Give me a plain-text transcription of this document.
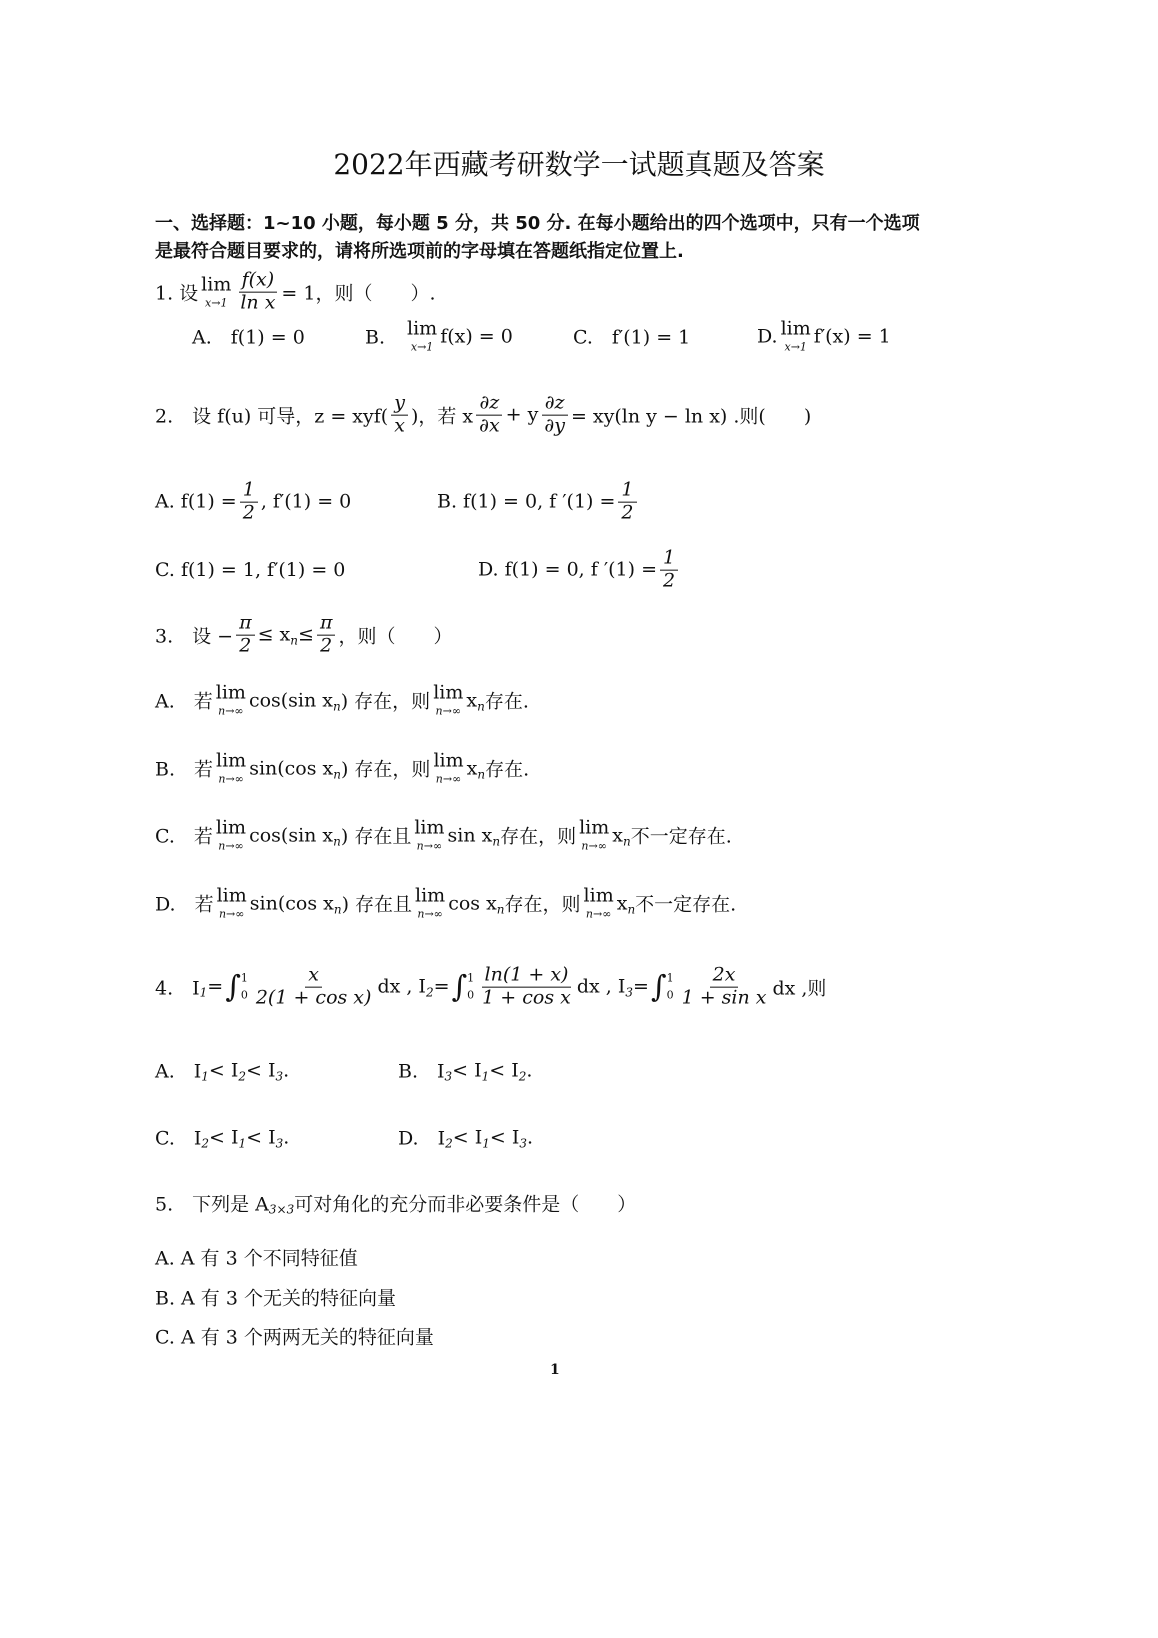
2022年西藏考研数学一试题真题及答案
一、选择题：1~10 小题，每小题 5 分，共 50 分. 在每小题给出的四个选项中，只有一个选项
是最符合题目要求的，请将所选项前的字母填在答题纸指定位置上.
1
1. 设 lim
$x\to 1 \frac{f(x)}{\text{ln x}} = 1$，则（　　）.
A.　f(1) = 0	B.　 lim
x→1 f(x) = 0	C.　f′(1) = 1	D. lim
x→1 f′(x) = 1
2.　设 f(u) 可导，$z = xyf( \frac{y}{x}$ )，若 x $\frac{\partial z}{\partial x} + y \frac{\partial z}{\partial y} = xy(\ln$ y − ln x) .则(　　)
A. $f(1) = \frac{1}{2}$ , f′(1) = 0	B. f(1) = 0, f $'(1) = \frac{1}{2}$
C. f(1) = 1, f′(1) = 0	D. f(1) = 0, f $'(1) = \frac{1}{2}$
3.　设 − $\frac{\pi}{2} \le x$ $n \le \frac{\pi}{2}$ ，则（　　）
A.　若 lim
n→∞ cos(sin x n ) 存在，则 lim
n→∞ x n 存在.
B.　若 lim
n→∞ sin(cos x n ) 存在，则 lim
n→∞ x n 存在.
C.　若 lim
n→∞ cos(sin x n ) 存在且 lim
n→∞ sin x n 存在，则 lim
n→∞ x n 不一定存在.
D.　若 lim
n→∞ sin(cos x n ) 存在且 lim
n→∞ cos x n 存在，则 lim
n→∞ x n 不一定存在.
4.　I 1 = ∫ 1
$0 \frac{x}{\text{2(1 + cos x)}}$ dx , I 2 = ∫ 1
$0 \frac{\ln(1 + x)}{\text{1 + cos x}}$ dx , I 3 = ∫ 1
$0 \frac{2x}{\text{1 + sin x}}$ dx ,则
A.　I 1 < I 2 < I 3 .	B.　I 3 < I 1 < I 2 .
C.　I 2 < I 1 < I 3 .	D.　I 2 < I 1 < I 3 .
5.　下列是 A 3×3 可对角化的充分而非必要条件是（　　）
A. A 有 3 个不同特征值
B. A 有 3 个无关的特征向量
C. A 有 3 个两两无关的特征向量
